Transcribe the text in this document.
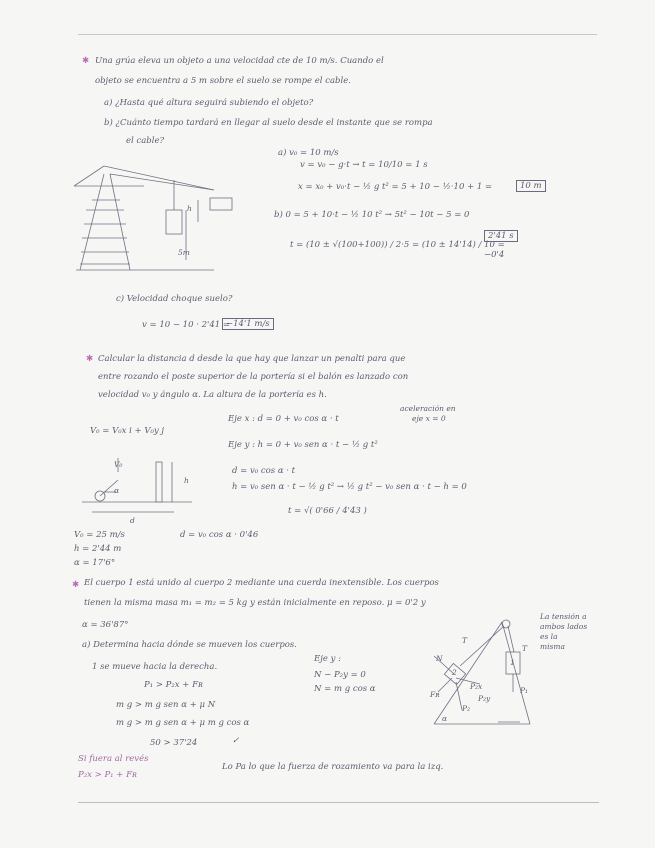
✱ Una grúa eleva un objeto a una velocidad cte de 10 m/s. Cuando el
objeto se encuentra a 5 m sobre el suelo se rompe el cable.
a) ¿Hasta qué altura seguirá subiendo el objeto?
b) ¿Cuánto tiempo tardará en llegar al suelo desde el instante que se rompa
el cable?
a) v₀ = 10 m/s
v = v₀ − g·t → t = 10/10 = 1 s
x = x₀ + v₀·t − ½ g t² = 5 + 10 − ½·10 + 1 =	10 m
b) 0 = 5 + 10·t − ½ 10 t² → 5t² − 10t − 5 = 0
t = (10 ± √(100+100)) / 2·5 = (10 ± 14'14) / 10 =
2'41 s
−0'4
h
5m
c) Velocidad choque suelo?
v = 10 − 10 · 2'41 =
−14'1 m/s
✱ Calcular la distancia d desde la que hay que lanzar un penalti para que
entre rozando el poste superior de la portería si el balón es lanzado con
velocidad v₀ y ángulo α. La altura de la portería es h.
V₀ = V₀x i + V₀y j
Eje x : d = 0 + v₀ cos α · t
aceleración en
eje x = 0
Eje y : h = 0 + v₀ sen α · t − ½ g t²
d = v₀ cos α · t
h = v₀ sen α · t − ½ g t² → ½ g t² − v₀ sen α · t − h = 0
t = √( 0'66 / 4'43 )
V₀
α
h
d
V₀ = 25 m/s
h = 2'44 m
α = 17'6°
d = v₀ cos α · 0'46
✱ El cuerpo 1 está unido al cuerpo 2 mediante una cuerda inextensible. Los cuerpos
tienen la misma masa m₁ = m₂ = 5 kg y están inicialmente en reposo. μ = 0'2 y
α = 36'87°
La tensión a
ambos lados
es la
misma
a) Determina hacia dónde se mueven los cuerpos.
1 se mueve hacia la derecha.
P₁ > P₂x + Fʀ
m g > m g sen α + μ N
m g > m g sen α + μ m g cos α
50 > 37'24	✓
Eje y :
N − P₂y = 0
N = m g cos α
N
T
T
Fʀ
P₂x
P₂y
P₂
P₁
α
1
2
Si fuera al revés
P₂x > P₁ + Fʀ
Lo Pa lo que la fuerza de rozamiento va para la izq.
